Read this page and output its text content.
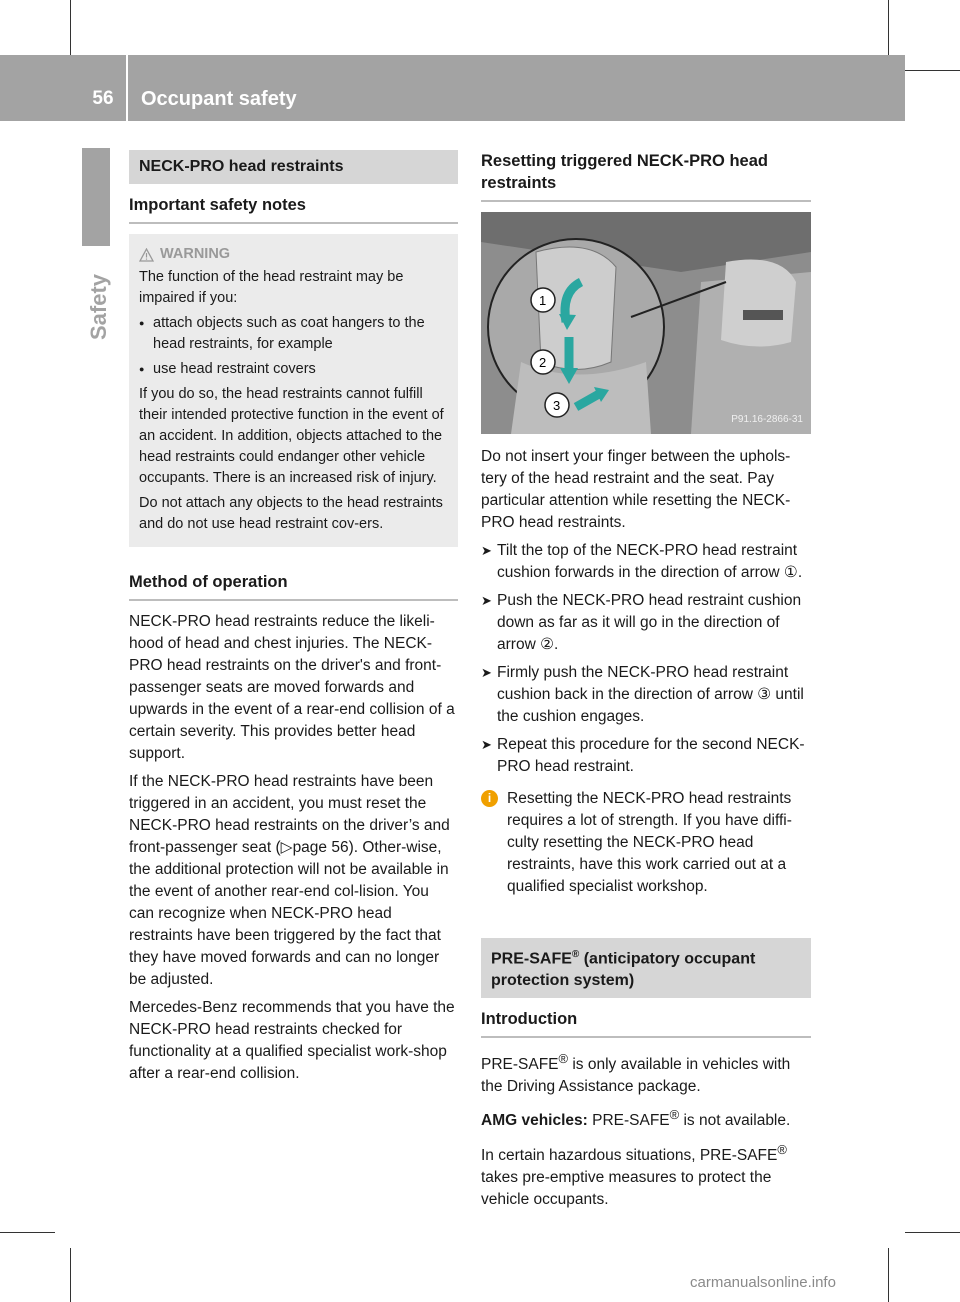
56	Occupant safety
Safety
NECK-PRO head restraints
Important safety notes
WARNING

The function of the head restraint may be impaired if you:

● attach objects such as coat hangers to the head restraints, for example
● use head restraint covers

If you do so, the head restraints cannot fulfill their intended protective function in the event of an accident. In addition, objects attached to the head restraints could endanger other vehicle occupants. There is an increased risk of injury.

Do not attach any objects to the head restraints and do not use head restraint cov-ers.

Method of operation

NECK-PRO head restraints reduce the likeli-hood of head and chest injuries. The NECK-PRO head restraints on the driver's and front-passenger seats are moved forwards and upwards in the event of a rear-end collision of a certain severity. This provides better head support.

If the NECK-PRO head restraints have been triggered in an accident, you must reset the NECK-PRO head restraints on the driver’s and front-passenger seat (▷page 56). Other-wise, the additional protection will not be available in the event of another rear-end col-lision. You can recognize when NECK-PRO head restraints have been triggered by the fact that they have moved forwards and can no longer be adjusted.

Mercedes-Benz recommends that you have the NECK-PRO head restraints checked for functionality at a qualified specialist work-shop after a rear-end collision.

Resetting triggered NECK-PRO head restraints
1
2
3
P91.16-2866-31

Do not insert your finger between the uphols-tery of the head restraint and the seat. Pay particular attention while resetting the NECK-PRO head restraints.

➤ Tilt the top of the NECK-PRO head restraint cushion forwards in the direction of arrow ①.
➤ Push the NECK-PRO head restraint cushion down as far as it will go in the direction of arrow ②.
➤ Firmly push the NECK-PRO head restraint cushion back in the direction of arrow ③ until the cushion engages.
➤ Repeat this procedure for the second NECK-PRO head restraint.
i	Resetting the NECK-PRO head restraints requires a lot of strength. If you have diffi-culty resetting the NECK-PRO head restraints, have this work carried out at a qualified specialist workshop.
PRE-SAFE® (anticipatory occupant protection system)
Introduction

PRE-SAFE® is only available in vehicles with the Driving Assistance package.

AMG vehicles: PRE-SAFE® is not available.

In certain hazardous situations, PRE-SAFE® takes pre-emptive measures to protect the vehicle occupants.

carmanualsonline.info
